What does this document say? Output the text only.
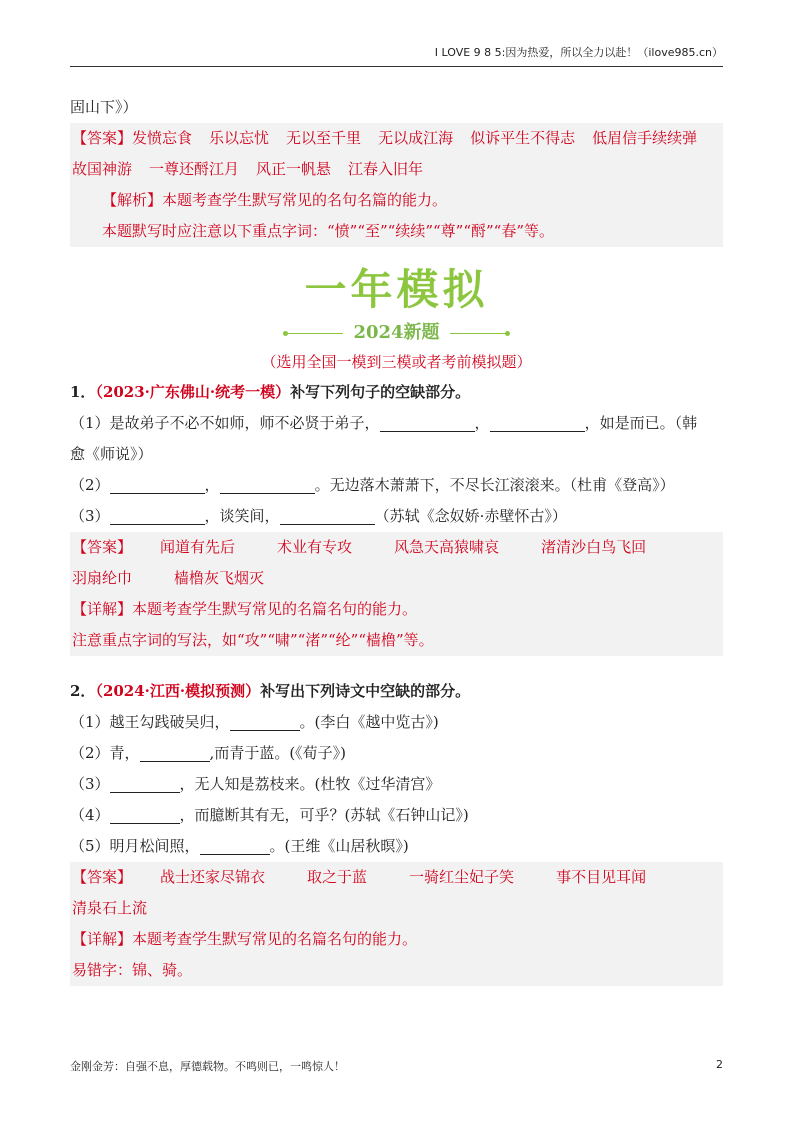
I LOVE 9 8 5:因为热爱，所以全力以赴！（ilove985.cn）
固山下》）
【答案】 发愤忘食 乐以忘忧 无以至千里 无以成江海 似诉平生不得志 低眉信手续续弹
故国神游 一尊还酹江月 风正一帆悬 江春入旧年
【解析】本题考查学生默写常见的名句名篇的能力。
本题默写时应注意以下重点字词：“愤”“至”“续续”“尊”“酹”“春”等。
一年模拟
2024新题
（选用全国一模到三模或者考前模拟题）
1．（2023·广东佛山·统考一模）补写下列句子的空缺部分。
（1）是故弟子不必不如师，师不必贤于弟子，	，	，如是而已。（韩
愈《师说》）
（2）	，	。无边落木萧萧下，不尽长江滚滚来。（杜甫《登高》）
（3）	，谈笑间，	（苏轼《念奴娇·赤壁怀古》）
【答案】 闻道有先后	术业有专攻	风急天高猿啸哀	渚清沙白鸟飞回
羽扇纶巾	樯橹灰飞烟灭
【详解】本题考查学生默写常见的名篇名句的能力。
注意重点字词的写法，如“攻”“啸”“渚”“纶”“樯橹”等。
2．（2024·江西·模拟预测）补写出下列诗文中空缺的部分。
（1）越王勾践破吴归，	。(李白《越中览古》)
（2）青，	,而青于蓝。(《荀子》)
（3）	，无人知是荔枝来。(杜牧《过华清宫》
（4）	，而臆断其有无，可乎？(苏轼《石钟山记》)
（5）明月松间照，	。(王维《山居秋暝》)
【答案】 战士还家尽锦衣	取之于蓝	一骑红尘妃子笑	事不目见耳闻
清泉石上流
【详解】本题考查学生默写常见的名篇名句的能力。
易错字：锦、骑。
金刚金芳：自强不息，厚德载物。不鸣则已，一鸣惊人！	2
